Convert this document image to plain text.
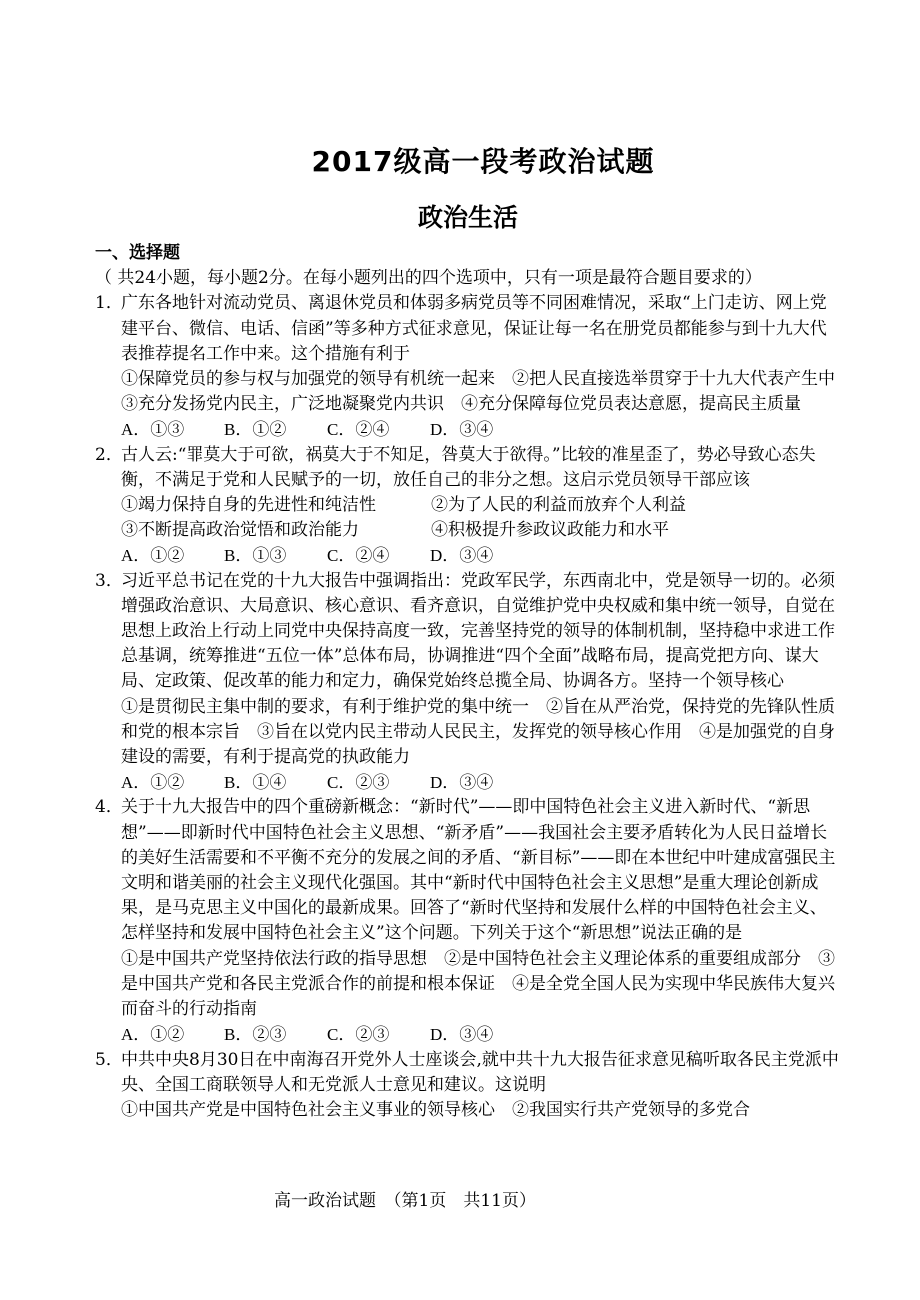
2017级高一段考政治试题
政治生活
一、选择题（ 共24小题，每小题2分。在每小题列出的四个选项中，只有一项是最符合题目要求的）
1．

广东各地针对流动党员、离退休党员和体弱多病党员等不同困难情况，采取“上门走访、网上党建平台、微信、电话、信函”等多种方式征求意见，保证让每一名在册党员都能参与到十九大代表推荐提名工作中来。这个措施有利于

①保障党员的参与权与加强党的领导有机统一起来　②把人民直接选举贯穿于十九大代表产生中　③充分发扬党内民主，广泛地凝聚党内共识　④充分保障每位党员表达意愿，提高民主质量

A．①③	B．①②	C．②④	D．③④
2．

古人云:“罪莫大于可欲，祸莫大于不知足，咎莫大于欲得。”比较的准星歪了，势必导致心态失衡，不满足于党和人民赋予的一切，放任自己的非分之想。这启示党员领导干部应该

①竭力保持自身的先进性和纯洁性	②为了人民的利益而放弃个人利益
③不断提高政治觉悟和政治能力	④积极提升参政议政能力和水平
A．①②	B．①③	C．②④	D．③④
3．

习近平总书记在党的十九大报告中强调指出：党政军民学，东西南北中，党是领导一切的。必须增强政治意识、大局意识、核心意识、看齐意识，自觉维护党中央权威和集中统一领导，自觉在思想上政治上行动上同党中央保持高度一致，完善坚持党的领导的体制机制，坚持稳中求进工作总基调，统筹推进“五位一体”总体布局，协调推进“四个全面”战略布局，提高党把方向、谋大局、定政策、促改革的能力和定力，确保党始终总揽全局、协调各方。坚持一个领导核心

①是贯彻民主集中制的要求，有利于维护党的集中统一　②旨在从严治党，保持党的先锋队性质和党的根本宗旨　③旨在以党内民主带动人民民主，发挥党的领导核心作用　④是加强党的自身建设的需要，有利于提高党的执政能力

A．①②	B．①④	C．②③	D．③④
4．

关于十九大报告中的四个重磅新概念：“新时代”——即中国特色社会主义进入新时代、“新思想”——即新时代中国特色社会主义思想、“新矛盾”——我国社会主要矛盾转化为人民日益增长的美好生活需要和不平衡不充分的发展之间的矛盾、“新目标”——即在本世纪中叶建成富强民主文明和谐美丽的社会主义现代化强国。其中“新时代中国特色社会主义思想”是重大理论创新成果，是马克思主义中国化的最新成果。回答了“新时代坚持和发展什么样的中国特色社会主义、怎样坚持和发展中国特色社会主义”这个问题。下列关于这个“新思想”说法正确的是

①是中国共产党坚持依法行政的指导思想　②是中国特色社会主义理论体系的重要组成部分　③是中国共产党和各民主党派合作的前提和根本保证　④是全党全国人民为实现中华民族伟大复兴而奋斗的行动指南

A．①②	B．②③	C．②③	D．③④
5．

中共中央8月30日在中南海召开党外人士座谈会,就中共十九大报告征求意见稿听取各民主党派中央、全国工商联领导人和无党派人士意见和建议。这说明

①中国共产党是中国特色社会主义事业的领导核心　②我国实行共产党领导的多党合

高一政治试题　（第1页　共11页）
